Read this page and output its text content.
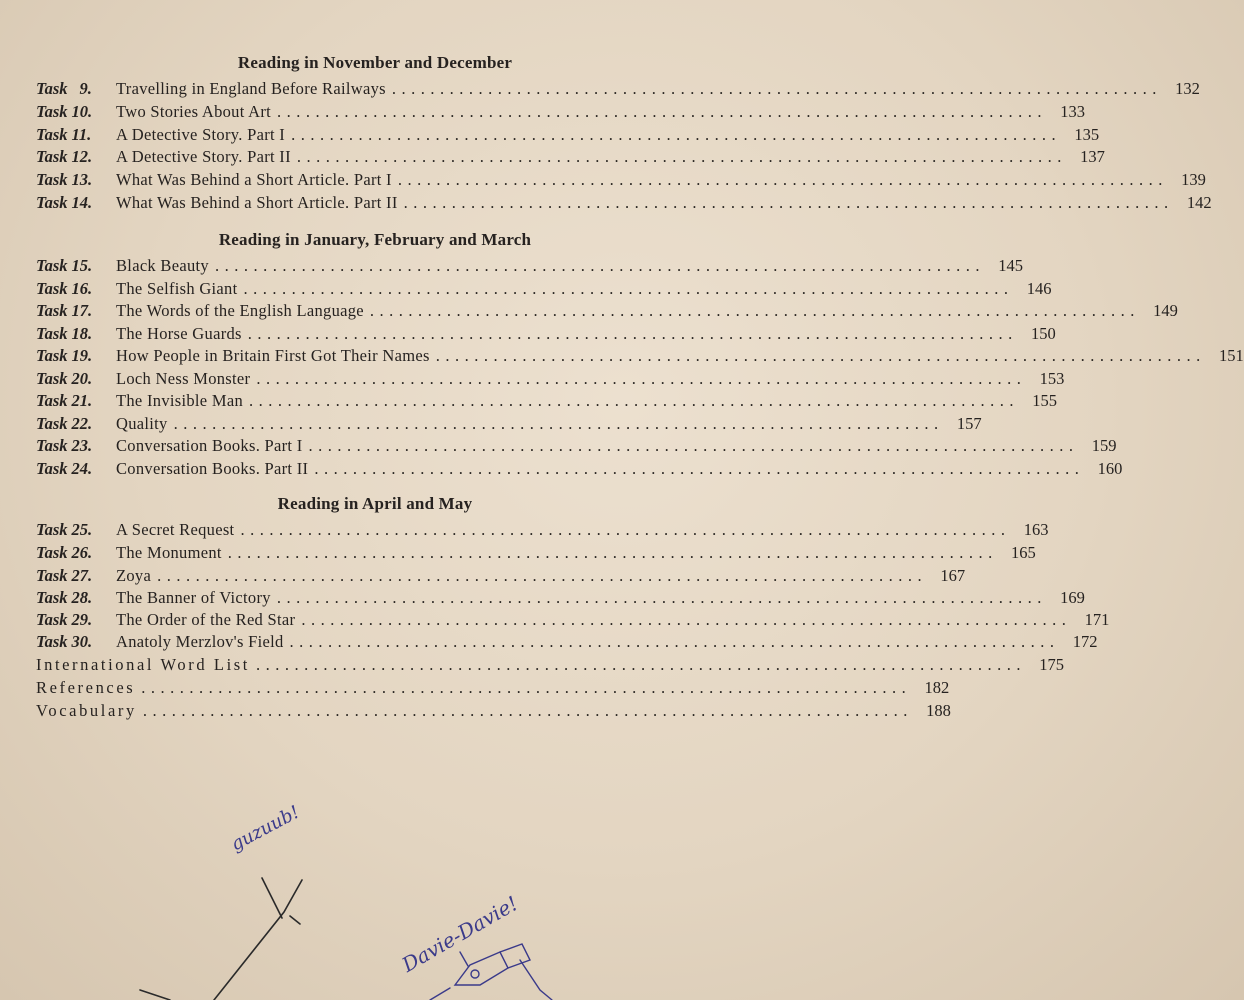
Reading in November and December
Task 9.	Travelling in England Before Railways ................................................................................ 132
Task 10.	Two Stories About Art ................................................................................ 133
Task 11.	A Detective Story. Part I ................................................................................ 135
Task 12.	A Detective Story. Part II ................................................................................ 137
Task 13.	What Was Behind a Short Article. Part I ................................................................................ 139
Task 14.	What Was Behind a Short Article. Part II ................................................................................ 142
Reading in January, February and March
Task 15.	Black Beauty ................................................................................ 145
Task 16.	The Selfish Giant ................................................................................ 146
Task 17.	The Words of the English Language ................................................................................ 149
Task 18.	The Horse Guards ................................................................................ 150
Task 19.	How People in Britain First Got Their Names ................................................................................ 151
Task 20.	Loch Ness Monster ................................................................................ 153
Task 21.	The Invisible Man ................................................................................ 155
Task 22.	Quality ................................................................................ 157
Task 23.	Conversation Books. Part I ................................................................................ 159
Task 24.	Conversation Books. Part II ................................................................................ 160
Reading in April and May
Task 25.	A Secret Request ................................................................................ 163
Task 26.	The Monument ................................................................................ 165
Task 27.	Zoya ................................................................................ 167
Task 28.	The Banner of Victory ................................................................................ 169
Task 29.	The Order of the Red Star ................................................................................ 171
Task 30.	Anatoly Merzlov's Field ................................................................................ 172
International Word List ................................................................................ 175
References ................................................................................ 182
Vocabulary ................................................................................ 188
guzuub!
Davie-Davie!
